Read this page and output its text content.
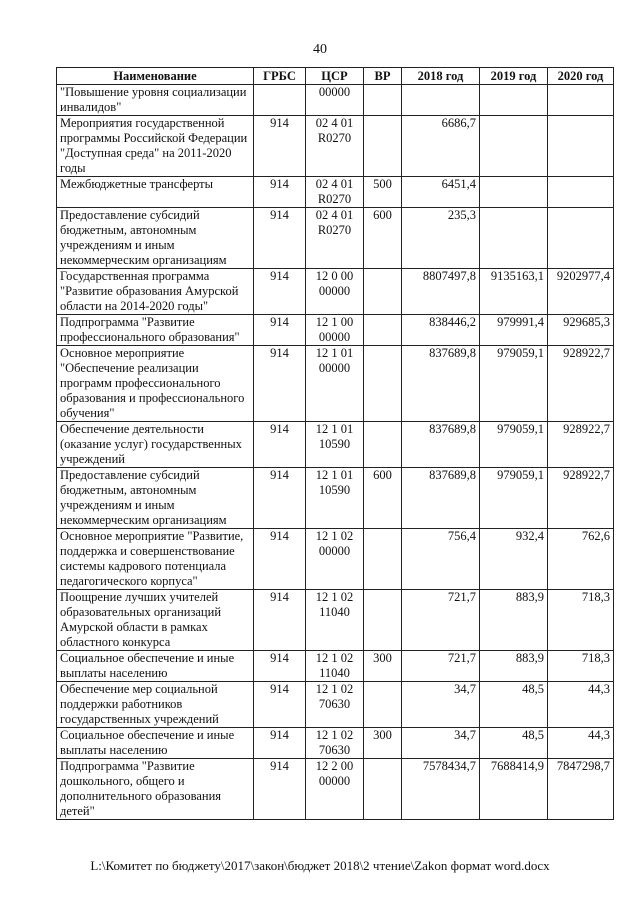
40
Наименование	ГРБС	ЦСР	ВР	2018 год	2019 год	2020 год
"Повышение уровня социализации инвалидов"		00000				
Мероприятия государственной программы Российской Федерации "Доступная среда" на 2011-2020 годы	914	02 4 01 R0270		6686,7		
Межбюджетные трансферты	914	02 4 01 R0270	500	6451,4		
Предоставление субсидий бюджетным, автономным учреждениям и иным некоммерческим организациям	914	02 4 01 R0270	600	235,3		
Государственная программа "Развитие образования Амурской области на 2014-2020 годы"	914	12 0 00 00000		8807497,8	9135163,1	9202977,4
Подпрограмма "Развитие профессионального образования"	914	12 1 00 00000		838446,2	979991,4	929685,3
Основное мероприятие "Обеспечение реализации программ профессионального образования и профессионального обучения"	914	12 1 01 00000		837689,8	979059,1	928922,7
Обеспечение деятельности (оказание услуг) государственных учреждений	914	12 1 01 10590		837689,8	979059,1	928922,7
Предоставление субсидий бюджетным, автономным учреждениям и иным некоммерческим организациям	914	12 1 01 10590	600	837689,8	979059,1	928922,7
Основное мероприятие "Развитие, поддержка и совершенствование системы кадрового потенциала педагогического корпуса"	914	12 1 02 00000		756,4	932,4	762,6
Поощрение лучших учителей образовательных организаций Амурской области в рамках областного конкурса	914	12 1 02 11040		721,7	883,9	718,3
Социальное обеспечение и иные выплаты населению	914	12 1 02 11040	300	721,7	883,9	718,3
Обеспечение мер социальной поддержки работников государственных учреждений	914	12 1 02 70630		34,7	48,5	44,3
Социальное обеспечение и иные выплаты населению	914	12 1 02 70630	300	34,7	48,5	44,3
Подпрограмма "Развитие дошкольного, общего и дополнительного образования детей"	914	12 2 00 00000		7578434,7	7688414,9	7847298,7
L:\Комитет по бюджету\2017\закон\бюджет 2018\2 чтение\Zakon формат word.docx
